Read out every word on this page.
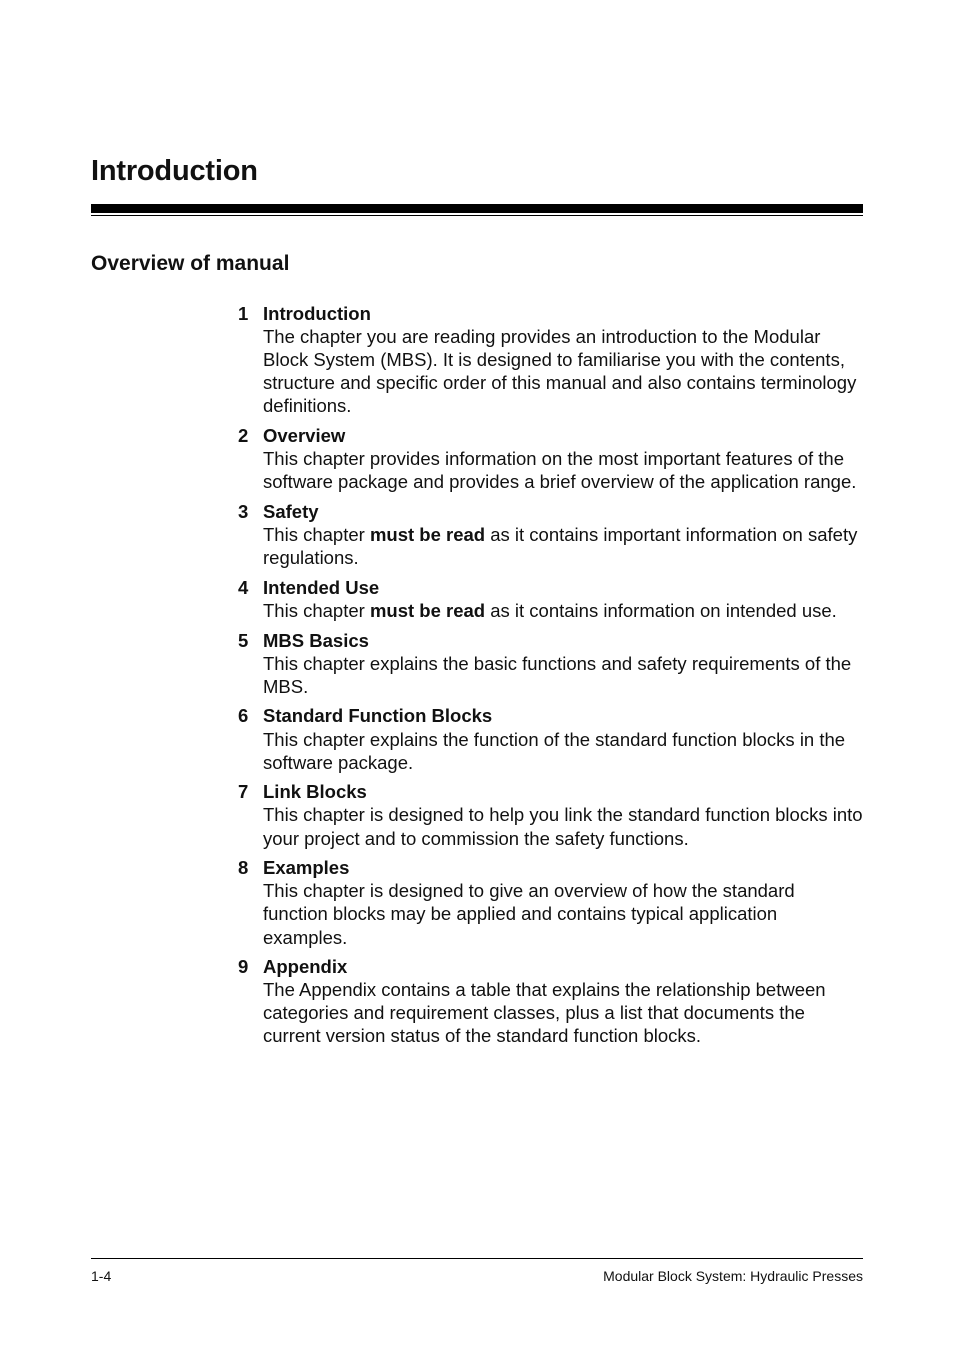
Introduction
Overview of manual
1 Introduction
The chapter you are reading provides an introduction to the Modular Block System (MBS). It is designed to familiarise you with the contents, structure and specific order of this manual and also contains terminology definitions.
2 Overview
This chapter provides information on the most important features of the software package and provides a brief overview of the application range.
3 Safety
This chapter must be read as it contains important information on safety regulations.
4 Intended Use
This chapter must be read as it contains information on intended use.
5 MBS Basics
This chapter explains the basic functions and safety requirements of the MBS.
6 Standard Function Blocks
This chapter explains the function of the standard function blocks in the software package.
7 Link Blocks
This chapter is designed to help you link the standard function blocks into your project and to commission the safety functions.
8 Examples
This chapter is designed to give an overview of how the standard function blocks may be applied and contains typical application examples.
9 Appendix
The Appendix contains a table that explains the relationship between categories and requirement classes, plus a list that documents the current version status of the standard function blocks.
1-4	Modular Block System: Hydraulic Presses
